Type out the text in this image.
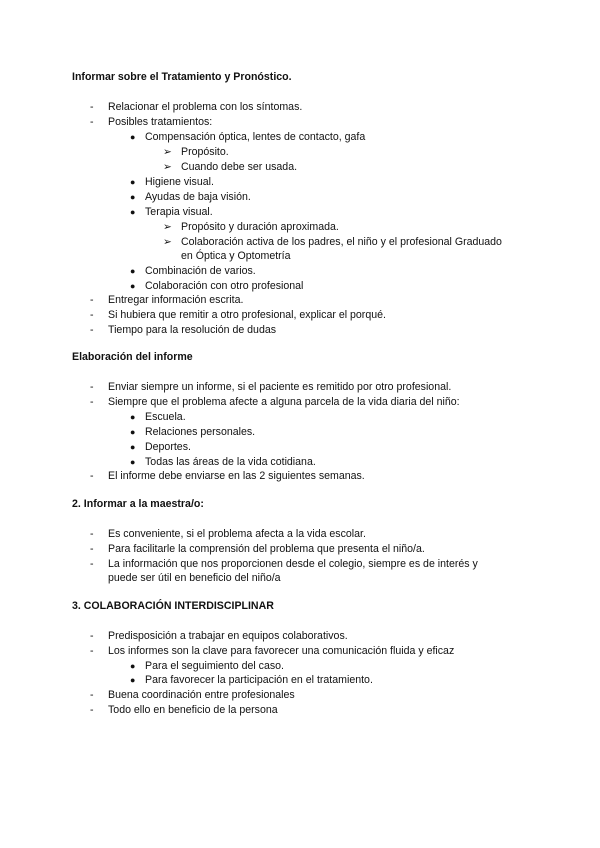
Informar sobre el Tratamiento y Pronóstico.
- Relacionar el problema con los síntomas.
- Posibles tratamientos:
● Compensación óptica, lentes de contacto, gafa
➢ Propósito.
➢ Cuando debe ser usada.
● Higiene visual.
● Ayudas de baja visión.
● Terapia visual.
➢ Propósito y duración aproximada.
➢ Colaboración activa de los padres, el niño y el profesional Graduado
en Óptica y Optometría
● Combinación de varios.
● Colaboración con otro profesional
- Entregar información escrita.
- Si hubiera que remitir a otro profesional, explicar el porqué.
- Tiempo para la resolución de dudas
Elaboración del informe
- Enviar siempre un informe, si el paciente es remitido por otro profesional.
- Siempre que el problema afecte a alguna parcela de la vida diaria del niño:
● Escuela.
● Relaciones personales.
● Deportes.
● Todas las áreas de la vida cotidiana.
- El informe debe enviarse en las 2 siguientes semanas.
2. Informar a la maestra/o:
- Es conveniente, si el problema afecta a la vida escolar.
- Para facilitarle la comprensión del problema que presenta el niño/a.
- La información que nos proporcionen desde el colegio, siempre es de interés y
puede ser útil en beneficio del niño/a
3. COLABORACIÓN INTERDISCIPLINAR
- Predisposición a trabajar en equipos colaborativos.
- Los informes son la clave para favorecer una comunicación fluida y eficaz
● Para el seguimiento del caso.
● Para favorecer la participación en el tratamiento.
- Buena coordinación entre profesionales
- Todo ello en beneficio de la persona
